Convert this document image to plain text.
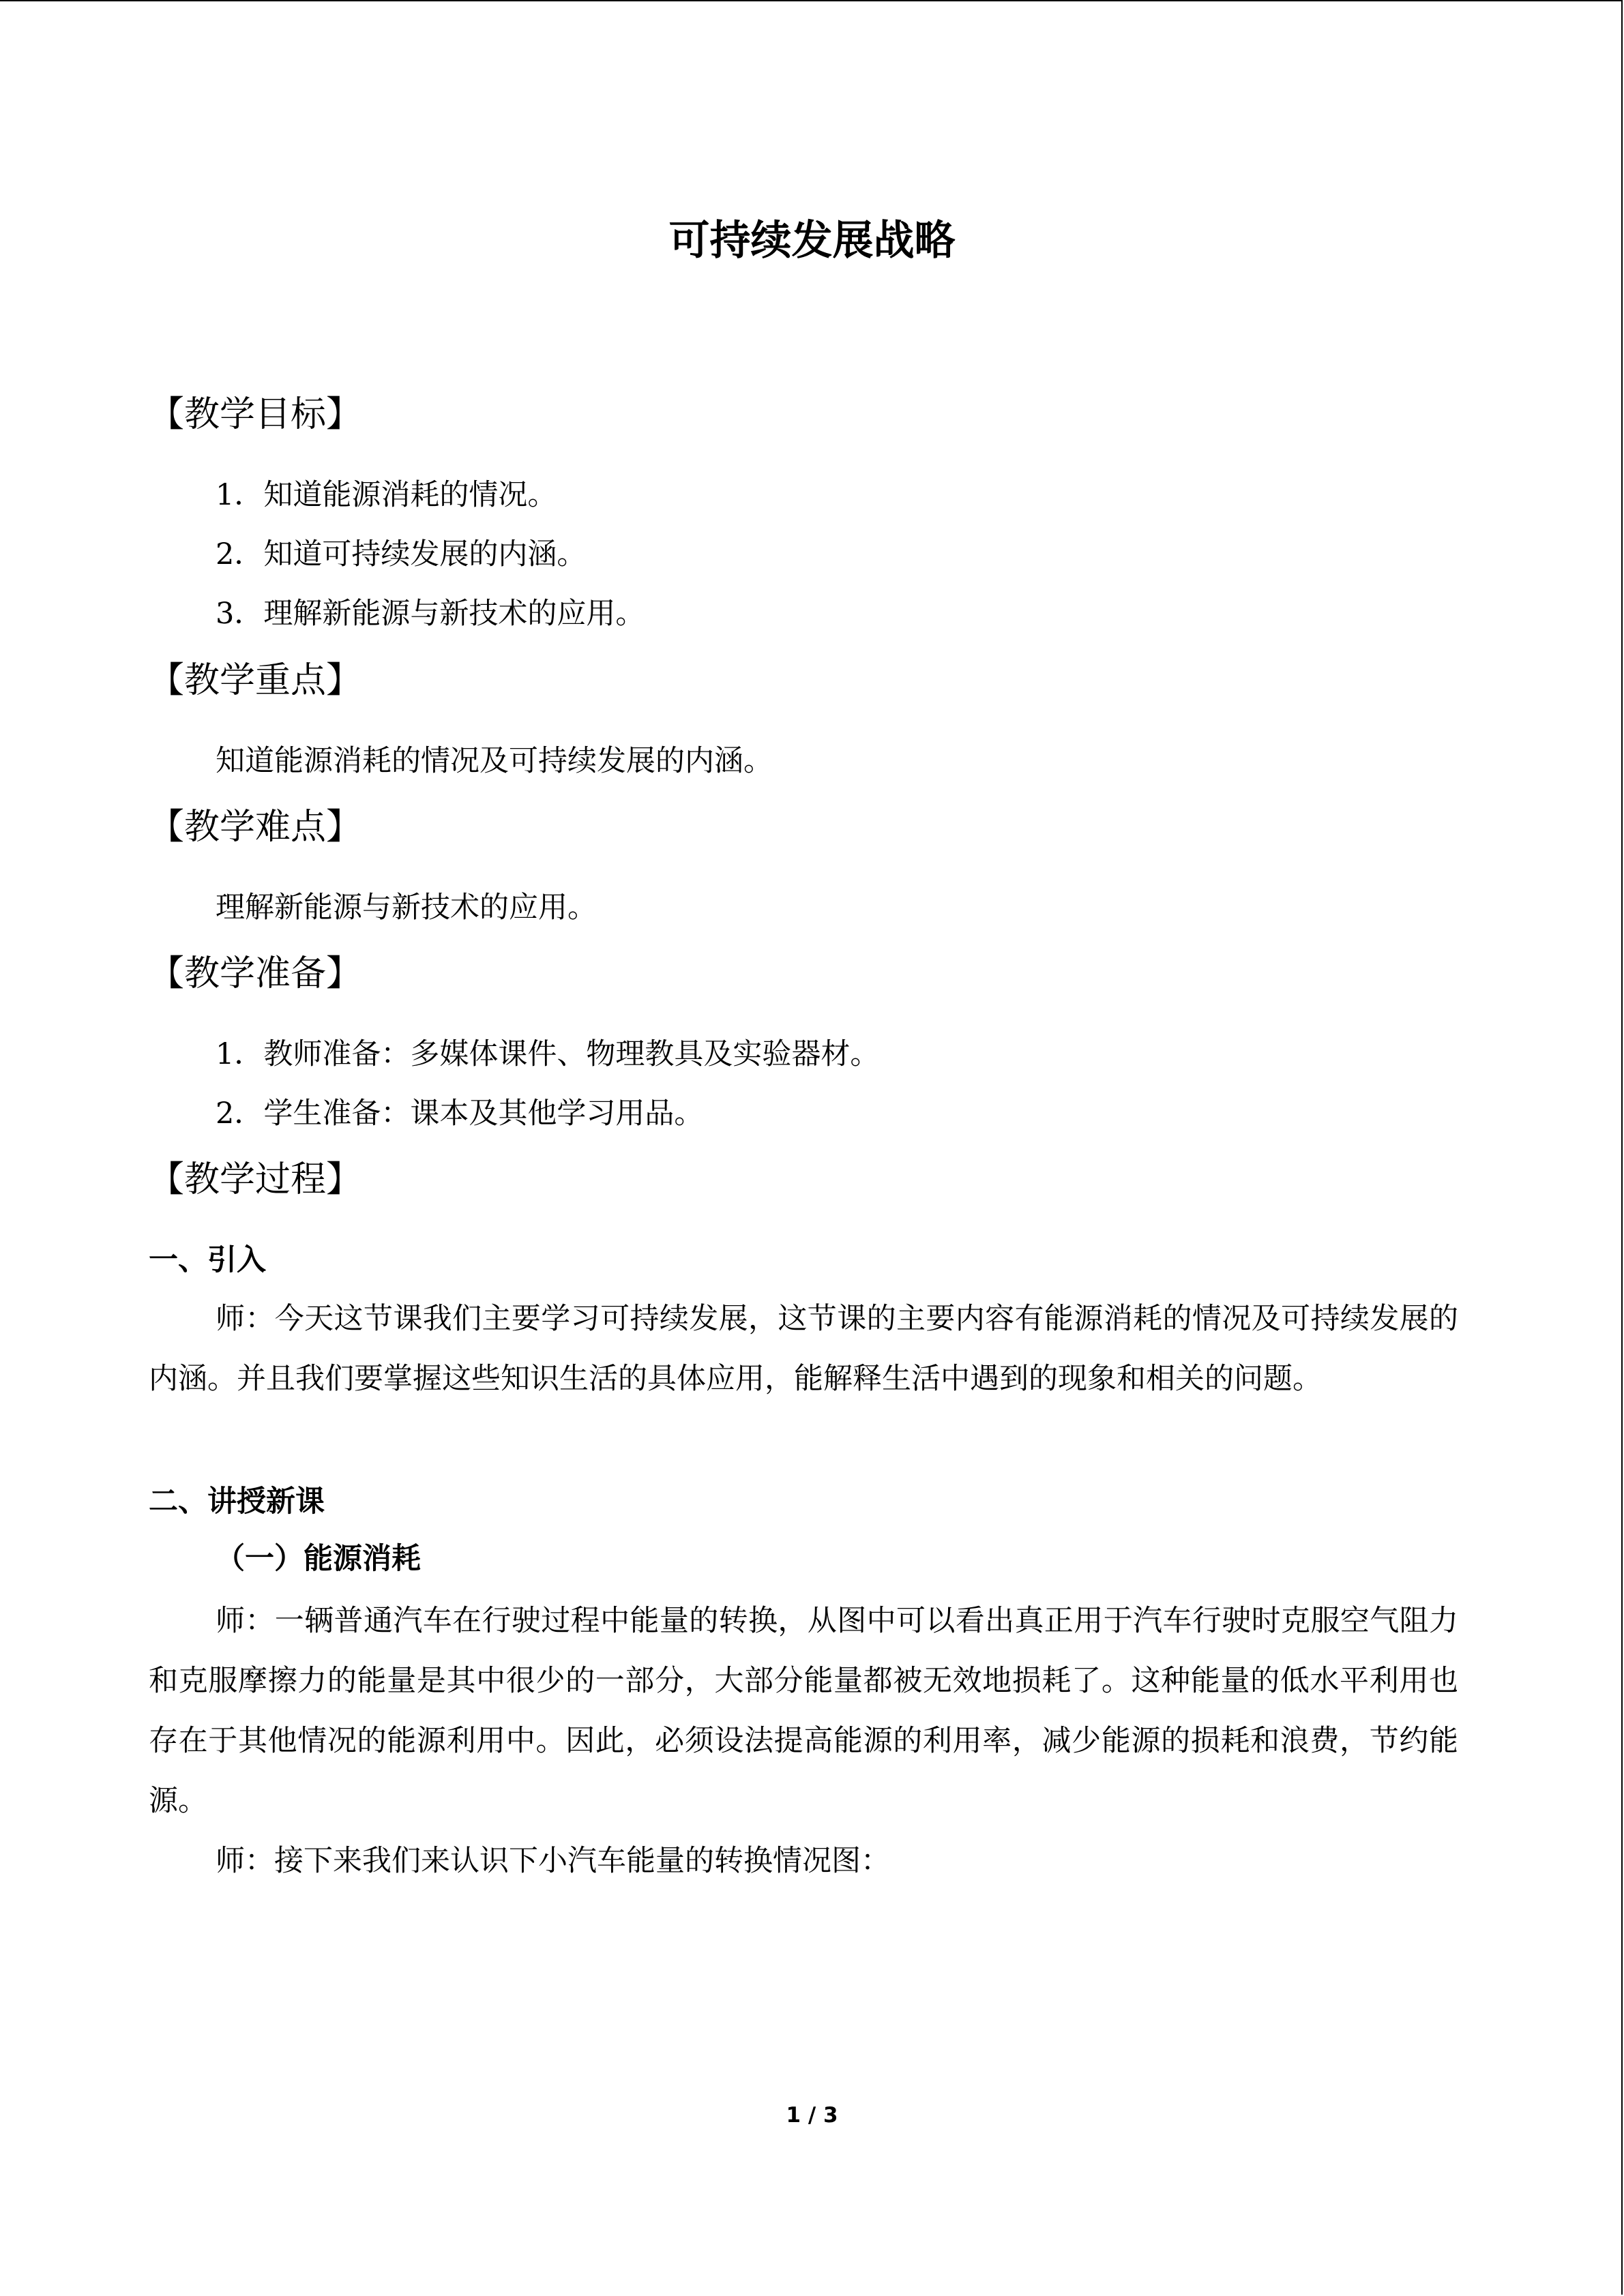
可持续发展战略
【教学目标】
1．知道能源消耗的情况。
2．知道可持续发展的内涵。
3．理解新能源与新技术的应用。
【教学重点】
知道能源消耗的情况及可持续发展的内涵。
【教学难点】
理解新能源与新技术的应用。
【教学准备】
1．教师准备：多媒体课件、物理教具及实验器材。
2．学生准备：课本及其他学习用品。
【教学过程】
一、引入
师：今天这节课我们主要学习可持续发展，这节课的主要内容有能源消耗的情况及可持续发展的内涵。并且我们要掌握这些知识生活的具体应用，能解释生活中遇到的现象和相关的问题。
二、讲授新课
（一）能源消耗
师：一辆普通汽车在行驶过程中能量的转换，从图中可以看出真正用于汽车行驶时克服空气阻力和克服摩擦力的能量是其中很少的一部分，大部分能量都被无效地损耗了。这种能量的低水平利用也存在于其他情况的能源利用中。因此，必须设法提高能源的利用率，减少能源的损耗和浪费，节约能源。
师：接下来我们来认识下小汽车能量的转换情况图：
1 / 3
